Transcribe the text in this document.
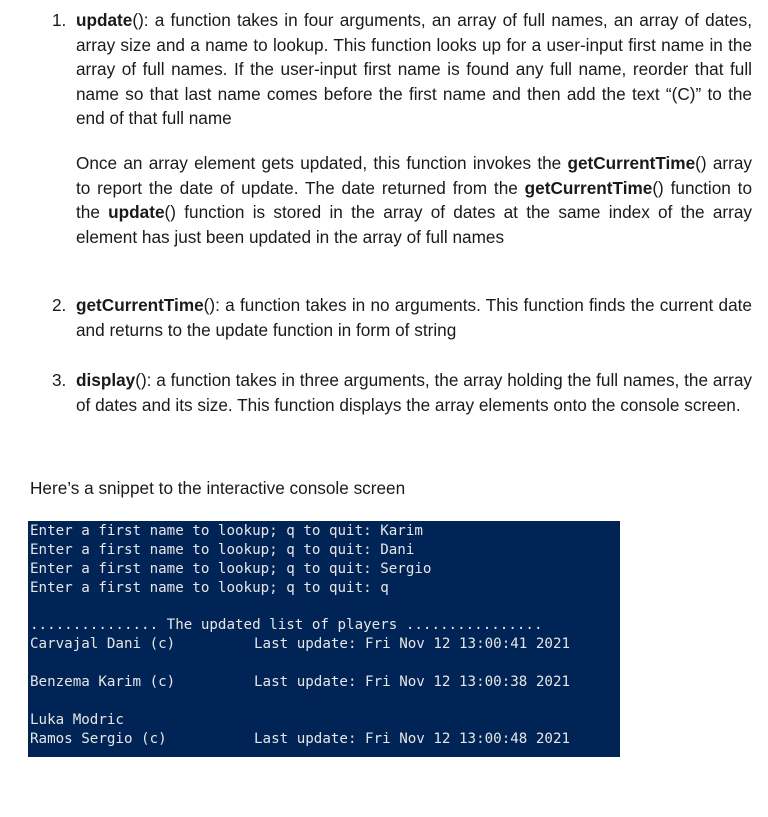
1. update(): a function takes in four arguments, an array of full names, an array of dates, array size and a name to lookup. This function looks up for a user-input first name in the array of full names. If the user-input first name is found any full name, reorder that full name so that last name comes before the first name and then add the text “(C)” to the end of that full name
Once an array element gets updated, this function invokes the getCurrentTime() array to report the date of update. The date returned from the getCurrentTime() function to the update() function is stored in the array of dates at the same index of the array element has just been updated in the array of full names
2. getCurrentTime(): a function takes in no arguments. This function finds the current date and returns to the update function in form of string
3. display(): a function takes in three arguments, the array holding the full names, the array of dates and its size. This function displays the array elements onto the console screen.
Here’s a snippet to the interactive console screen
Enter a first name to lookup; q to quit: Karim
Enter a first name to lookup; q to quit: Dani
Enter a first name to lookup; q to quit: Sergio
Enter a first name to lookup; q to quit: q
............... The updated list of players ................
Carvajal Dani (c)	Last update: Fri Nov 12 13:00:41 2021
Benzema Karim (c)	Last update: Fri Nov 12 13:00:38 2021
Luka Modric
Ramos Sergio (c)	Last update: Fri Nov 12 13:00:48 2021
